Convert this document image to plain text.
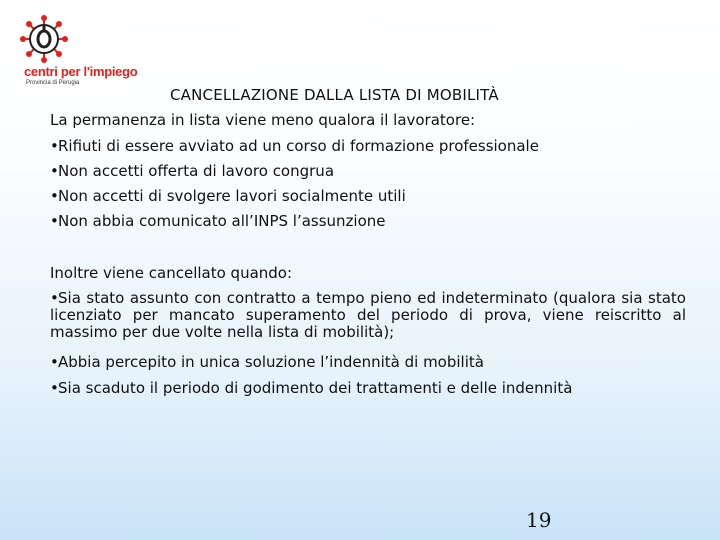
centri per l'impiego
Provincia di Perugia
CANCELLAZIONE DALLA LISTA DI MOBILITÀ
La permanenza in lista viene meno qualora il lavoratore:
•Rifiuti di essere avviato ad un corso di formazione professionale
•Non accetti offerta di lavoro congrua
•Non accetti di svolgere lavori socialmente utili
•Non abbia comunicato all’INPS l’assunzione
Inoltre viene cancellato quando:
•Sia stato assunto con contratto a tempo pieno ed indeterminato (qualora sia stato licenziato per mancato superamento del periodo di prova, viene reiscritto al massimo per due volte nella lista di mobilità);
•Abbia percepito in unica soluzione l’indennità di mobilità
•Sia scaduto il periodo di godimento dei trattamenti e delle indennità
19
